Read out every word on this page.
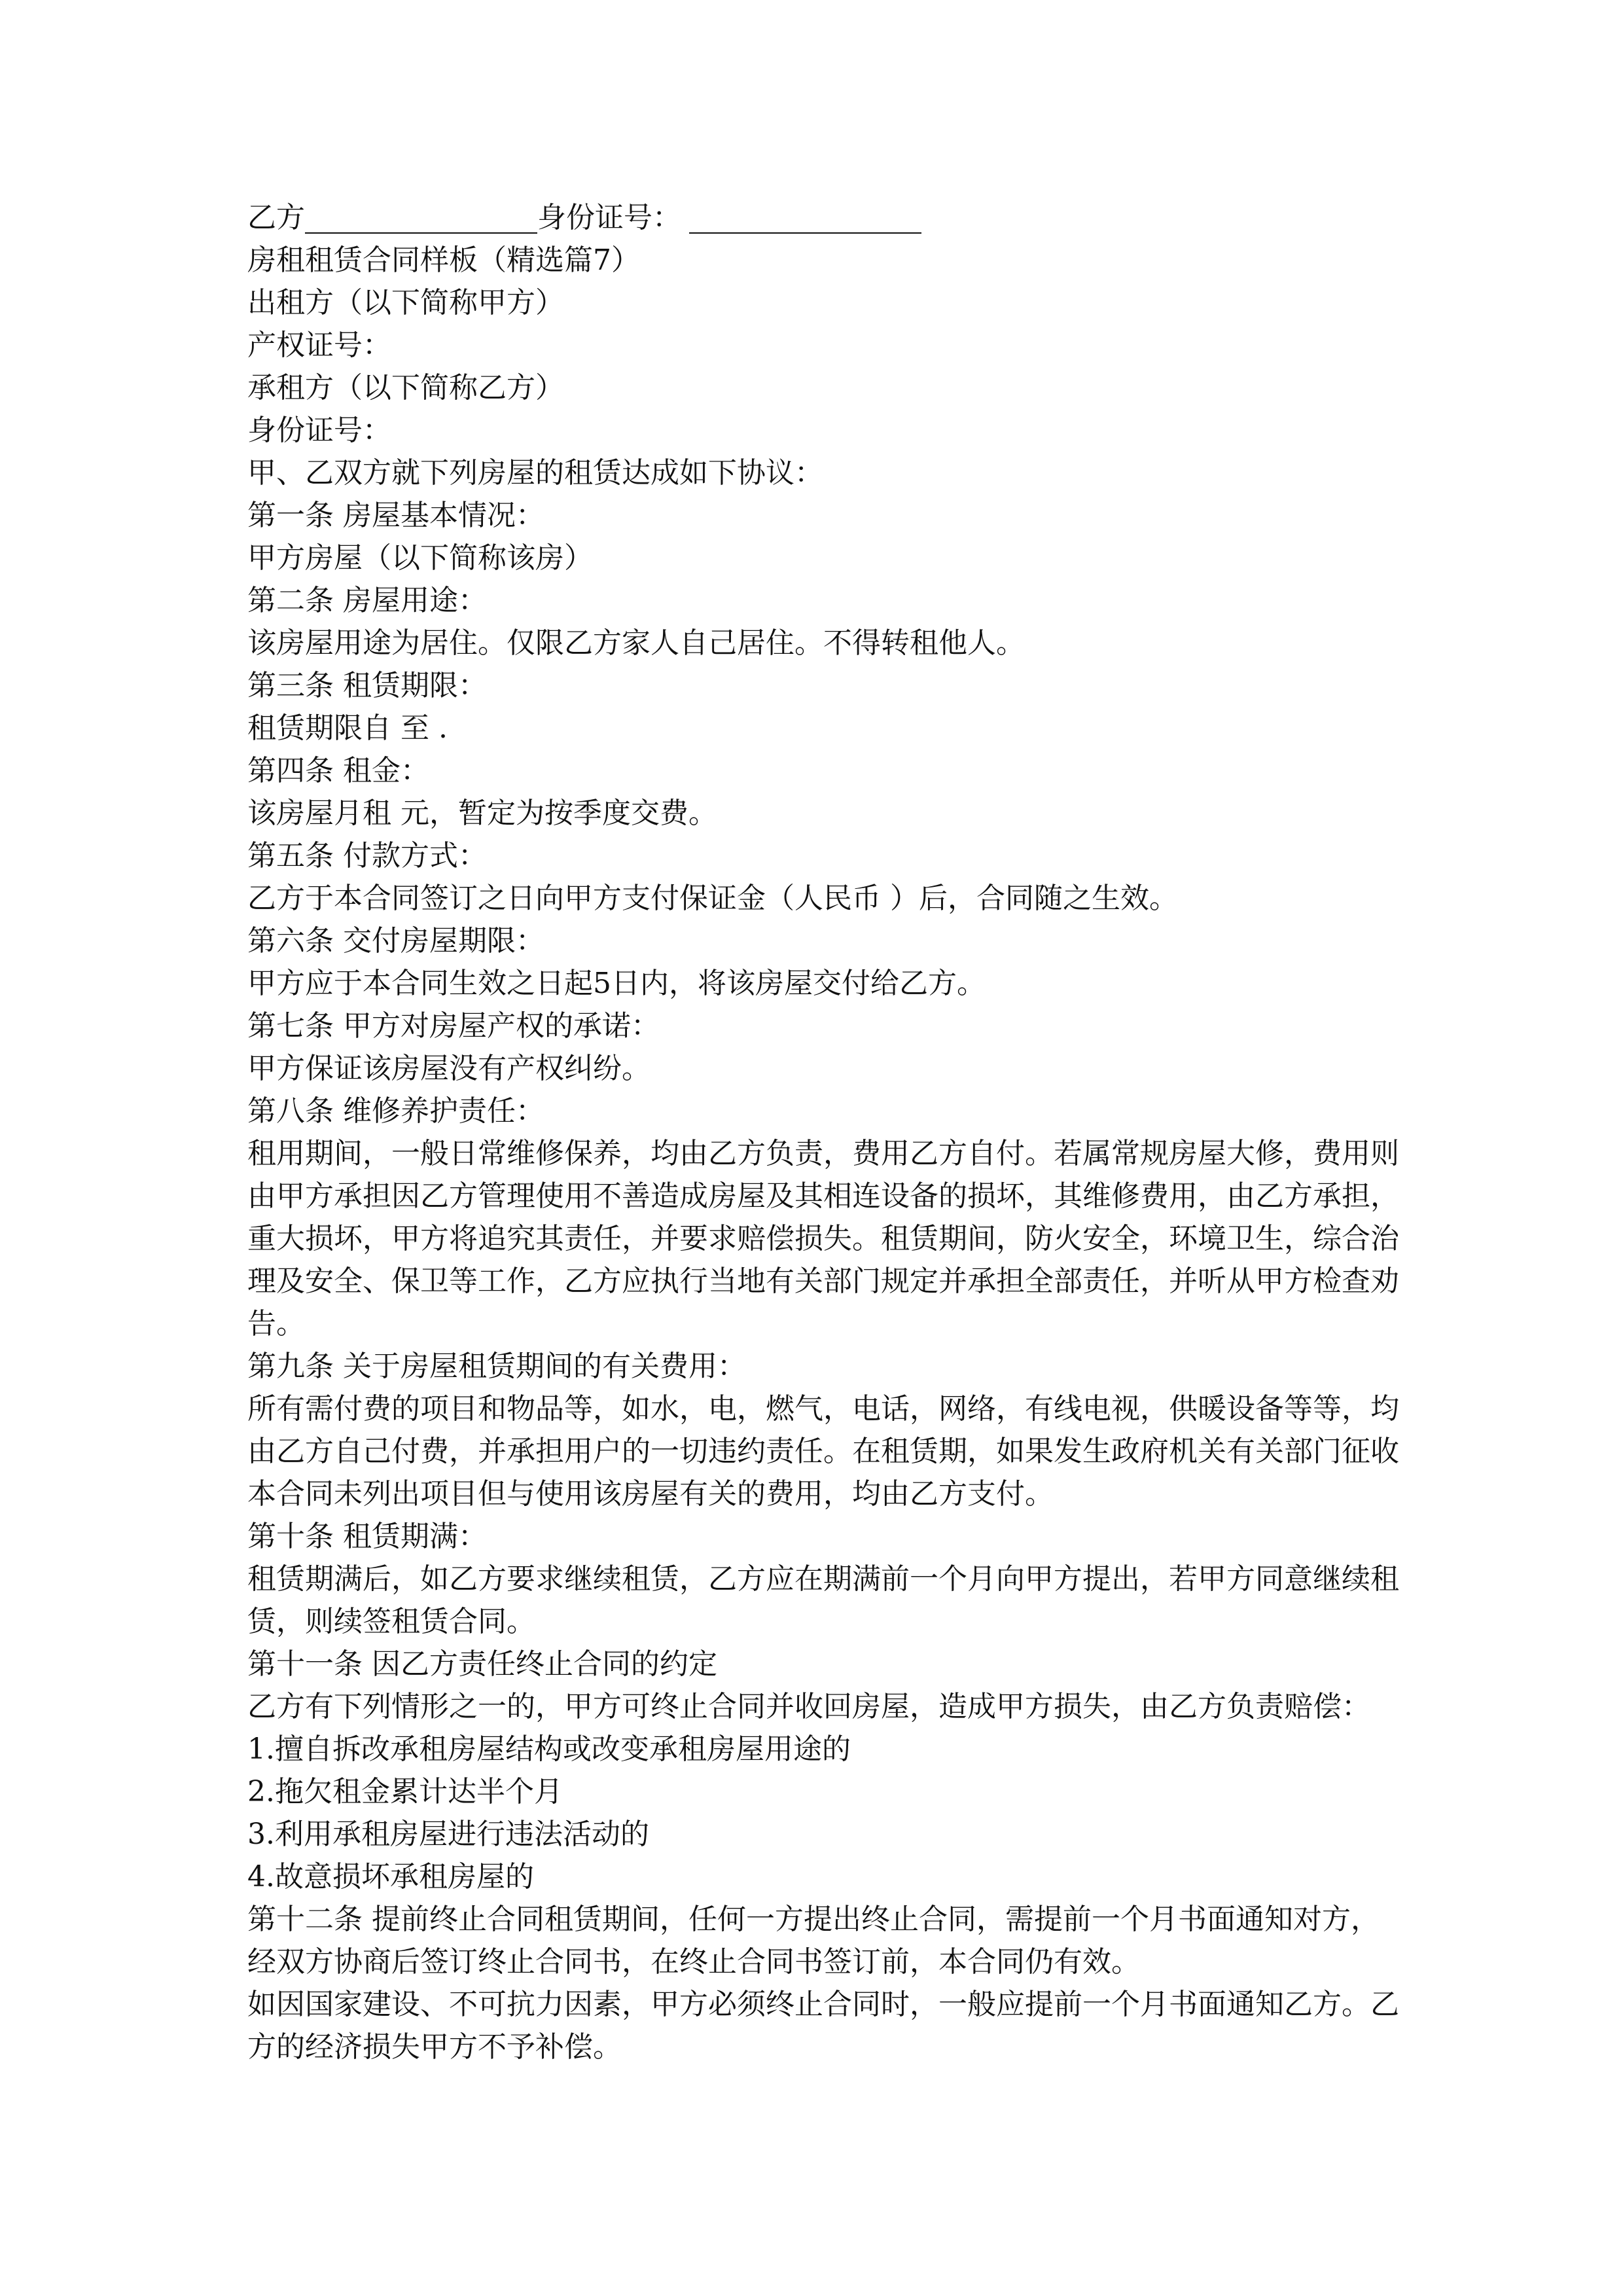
乙方	身份证号：
房租租赁合同样板（精选篇7）
出租方（以下简称甲方）
产权证号：
承租方（以下简称乙方）
身份证号：
甲、乙双方就下列房屋的租赁达成如下协议：
第一条 房屋基本情况：
甲方房屋（以下简称该房）
第二条 房屋用途：
该房屋用途为居住。仅限乙方家人自己居住。不得转租他人。
第三条 租赁期限：
租赁期限自 至 .
第四条 租金：
该房屋月租 元，暂定为按季度交费。
第五条 付款方式：
乙方于本合同签订之日向甲方支付保证金（人民币 ）后，合同随之生效。
第六条 交付房屋期限：
甲方应于本合同生效之日起5日内，将该房屋交付给乙方。
第七条 甲方对房屋产权的承诺：
甲方保证该房屋没有产权纠纷。
第八条 维修养护责任：
租用期间，一般日常维修保养，均由乙方负责，费用乙方自付。若属常规房屋大修，费用则由甲方承担因乙方管理使用不善造成房屋及其相连设备的损坏，其维修费用，由乙方承担，重大损坏，甲方将追究其责任，并要求赔偿损失。租赁期间，防火安全，环境卫生，综合治理及安全、保卫等工作，乙方应执行当地有关部门规定并承担全部责任，并听从甲方检查劝告。
第九条 关于房屋租赁期间的有关费用：
所有需付费的项目和物品等，如水，电，燃气，电话，网络，有线电视，供暖设备等等，均由乙方自己付费，并承担用户的一切违约责任。在租赁期，如果发生政府机关有关部门征收本合同未列出项目但与使用该房屋有关的费用，均由乙方支付。
第十条 租赁期满：
租赁期满后，如乙方要求继续租赁，乙方应在期满前一个月向甲方提出，若甲方同意继续租赁，则续签租赁合同。
第十一条 因乙方责任终止合同的约定
乙方有下列情形之一的，甲方可终止合同并收回房屋，造成甲方损失，由乙方负责赔偿：
1.擅自拆改承租房屋结构或改变承租房屋用途的
2.拖欠租金累计达半个月
3.利用承租房屋进行违法活动的
4.故意损坏承租房屋的
第十二条 提前终止合同租赁期间，任何一方提出终止合同，需提前一个月书面通知对方，经双方协商后签订终止合同书，在终止合同书签订前，本合同仍有效。
如因国家建设、不可抗力因素，甲方必须终止合同时，一般应提前一个月书面通知乙方。乙方的经济损失甲方不予补偿。
